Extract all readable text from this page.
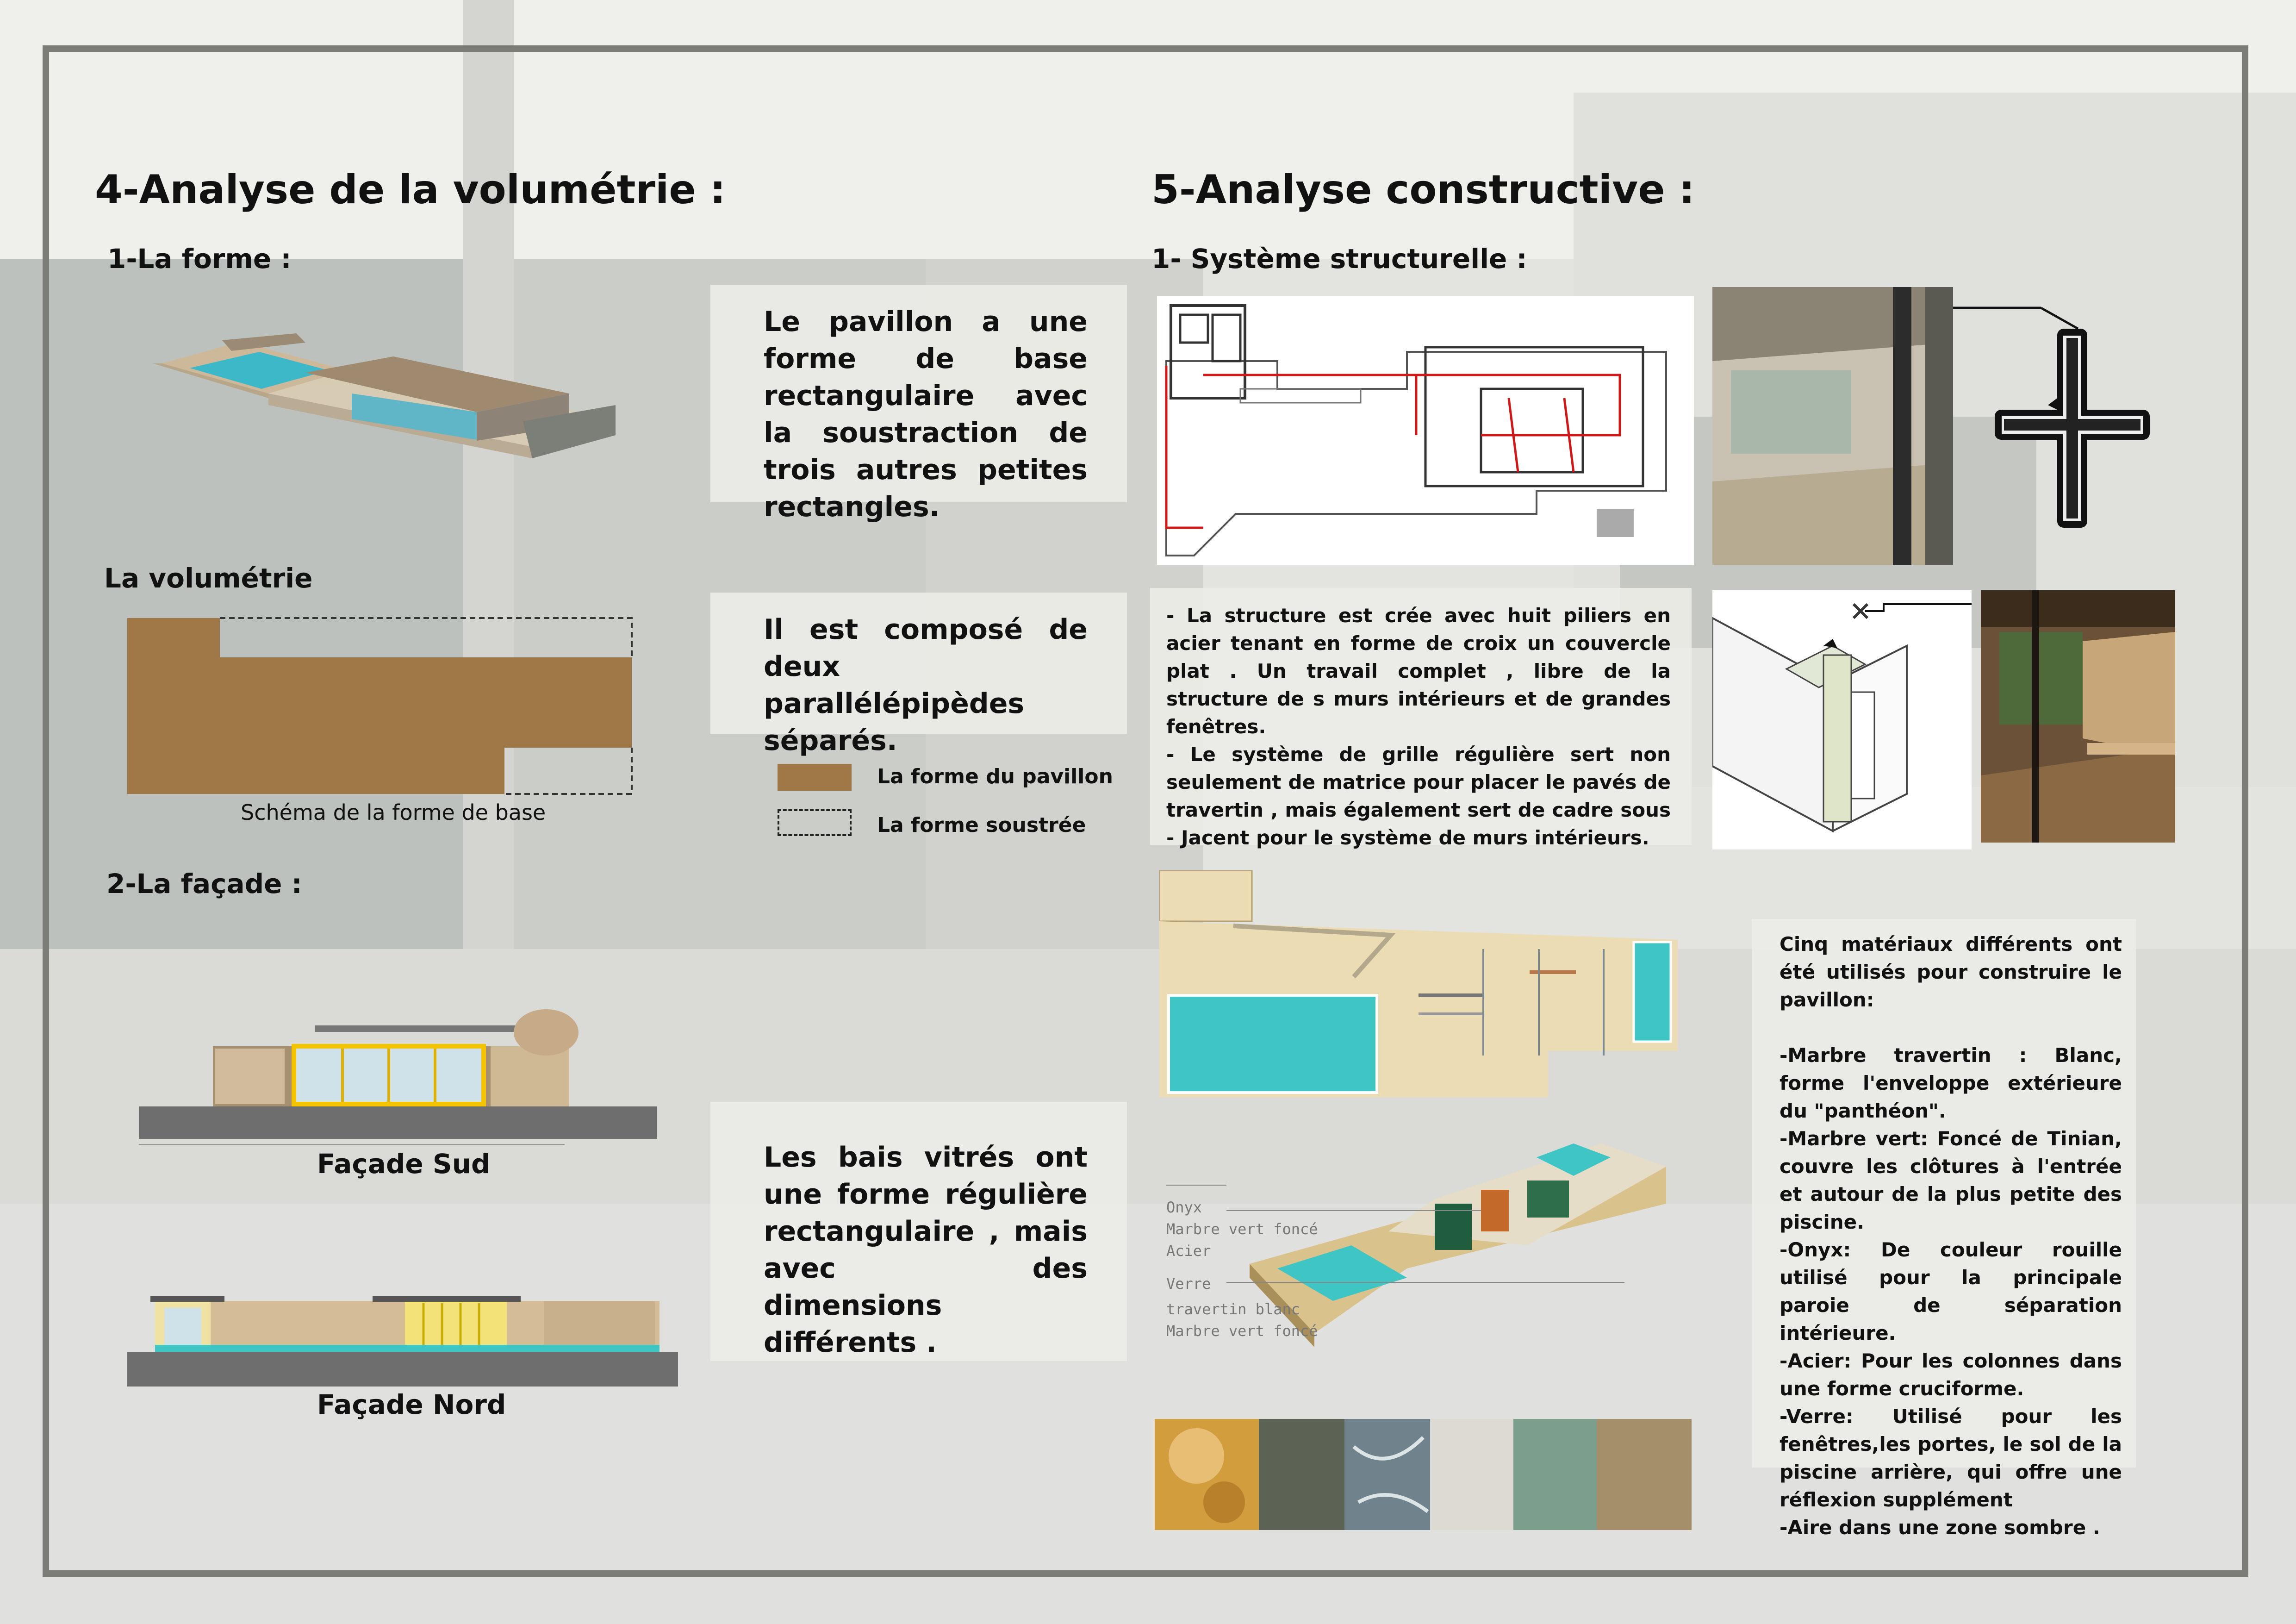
4-Analyse de la volumétrie :
1-La forme :
Le pavillon a une forme de base rectangulaire avec la soustraction de trois autres petites rectangles.
La volumétrie
Schéma de la forme de base
Il est composé de deux parallélépipèdes séparés.
La forme du pavillon
La forme soustrée
2-La façade :
Façade Sud
Façade Nord
Les bais vitrés ont une forme régulière rectangulaire , mais avec des dimensions différents .
5-Analyse constructive :
1- Système structurelle :
- La structure est crée avec huit piliers en acier tenant en forme de croix un couvercle plat . Un travail complet , libre de la structure de s murs intérieurs et de grandes fenêtres.
- Le système de grille régulière sert non seulement de matrice pour placer le pavés de travertin , mais également sert de cadre sous - Jacent pour le système de murs intérieurs.
Onyx
Marbre vert foncé
Acier
Verre
travertin blanc
Marbre vert foncé
Cinq matériaux différents ont été utilisés pour construire le pavillon:
-Marbre travertin : Blanc, forme l'enveloppe extérieure du "panthéon".
-Marbre vert: Foncé de Tinian, couvre les clôtures à l'entrée et autour de la plus petite des piscine.
-Onyx: De couleur rouille utilisé pour la principale paroie de séparation intérieure.
-Acier: Pour les colonnes dans une forme cruciforme.
-Verre: Utilisé pour les fenêtres,les portes, le sol de la piscine arrière, qui offre une réflexion supplément
-Aire dans une zone sombre .
